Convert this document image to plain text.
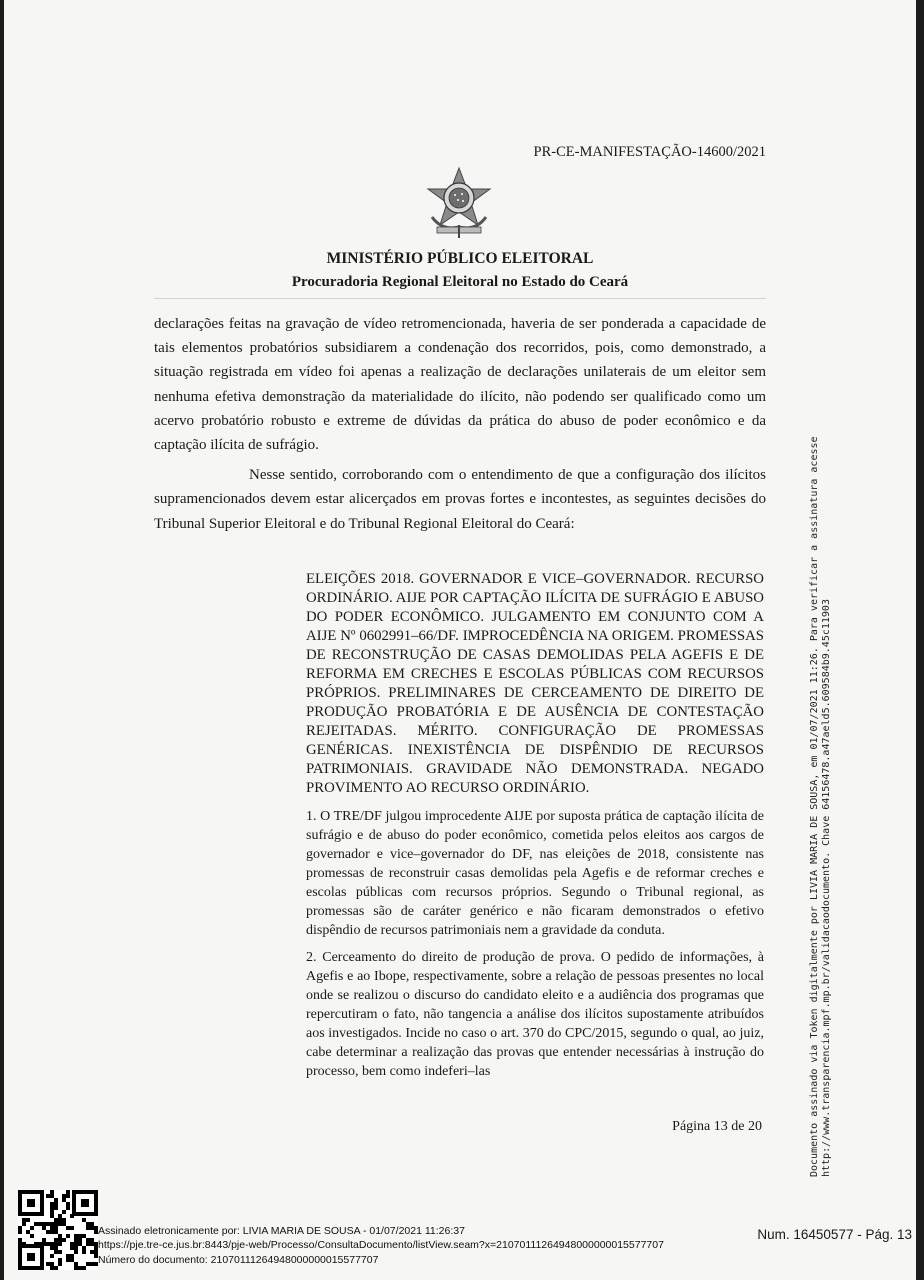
PR-CE-MANIFESTAÇÃO-14600/2021
MINISTÉRIO PÚBLICO ELEITORAL
Procuradoria Regional Eleitoral no Estado do Ceará

declarações feitas na gravação de vídeo retromencionada, haveria de ser ponderada a capacidade de tais elementos probatórios subsidiarem a condenação dos recorridos, pois, como demonstrado, a situação registrada em vídeo foi apenas a realização de declarações unilaterais de um eleitor sem nenhuma efetiva demonstração da materialidade do ilícito, não podendo ser qualificado como um acervo probatório robusto e extreme de dúvidas da prática do abuso de poder econômico e da captação ilícita de sufrágio.

Nesse sentido, corroborando com o entendimento de que a configuração dos ilícitos supramencionados devem estar alicerçados em provas fortes e incontestes, as seguintes decisões do Tribunal Superior Eleitoral e do Tribunal Regional Eleitoral do Ceará:

ELEIÇÕES 2018. GOVERNADOR E VICE–GOVERNADOR. RECURSO ORDINÁRIO. AIJE POR CAPTAÇÃO ILÍCITA DE SUFRÁGIO E ABUSO DO PODER ECONÔMICO. JULGAMENTO EM CONJUNTO COM A AIJE Nº 0602991–66/DF. IMPROCEDÊNCIA NA ORIGEM. PROMESSAS DE RECONSTRUÇÃO DE CASAS DEMOLIDAS PELA AGEFIS E DE REFORMA EM CRECHES E ESCOLAS PÚBLICAS COM RECURSOS PRÓPRIOS. PRELIMINARES DE CERCEAMENTO DE DIREITO DE PRODUÇÃO PROBATÓRIA E DE AUSÊNCIA DE CONTESTAÇÃO REJEITADAS. MÉRITO. CONFIGURAÇÃO DE PROMESSAS GENÉRICAS. INEXISTÊNCIA DE DISPÊNDIO DE RECURSOS PATRIMONIAIS. GRAVIDADE NÃO DEMONSTRADA. NEGADO PROVIMENTO AO RECURSO ORDINÁRIO.

1. O TRE/DF julgou improcedente AIJE por suposta prática de captação ilícita de sufrágio e de abuso do poder econômico, cometida pelos eleitos aos cargos de governador e vice–governador do DF, nas eleições de 2018, consistente nas promessas de reconstruir casas demolidas pela Agefis e de reformar creches e escolas públicas com recursos próprios. Segundo o Tribunal regional, as promessas são de caráter genérico e não ficaram demonstrados o efetivo dispêndio de recursos patrimoniais nem a gravidade da conduta.

2. Cerceamento do direito de produção de prova. O pedido de informações, à Agefis e ao Ibope, respectivamente, sobre a relação de pessoas presentes no local onde se realizou o discurso do candidato eleito e a audiência dos programas que repercutiram o fato, não tangencia a análise dos ilícitos supostamente atribuídos aos investigados. Incide no caso o art. 370 do CPC/2015, segundo o qual, ao juiz, cabe determinar a realização das provas que entender necessárias à instrução do processo, bem como indeferi–las

Página 13 de 20	Documento assinado via Token digitalmente por LIVIA MARIA DE SOUSA, em 01/07/2021 11:26. Para verificar a assinatura acesse http://www.transparencia.mpf.mp.br/validacaodocumento. Chave 64156478.a47aeld5.609584b9.45c11903
Assinado eletronicamente por: LIVIA MARIA DE SOUSA - 01/07/2021 11:26:37
https://pje.tre-ce.jus.br:8443/pje-web/Processo/ConsultaDocumento/listView.seam?x=21070111264948000000015577707
Número do documento: 21070111264948000000015577707
Num. 16450577 - Pág. 13
